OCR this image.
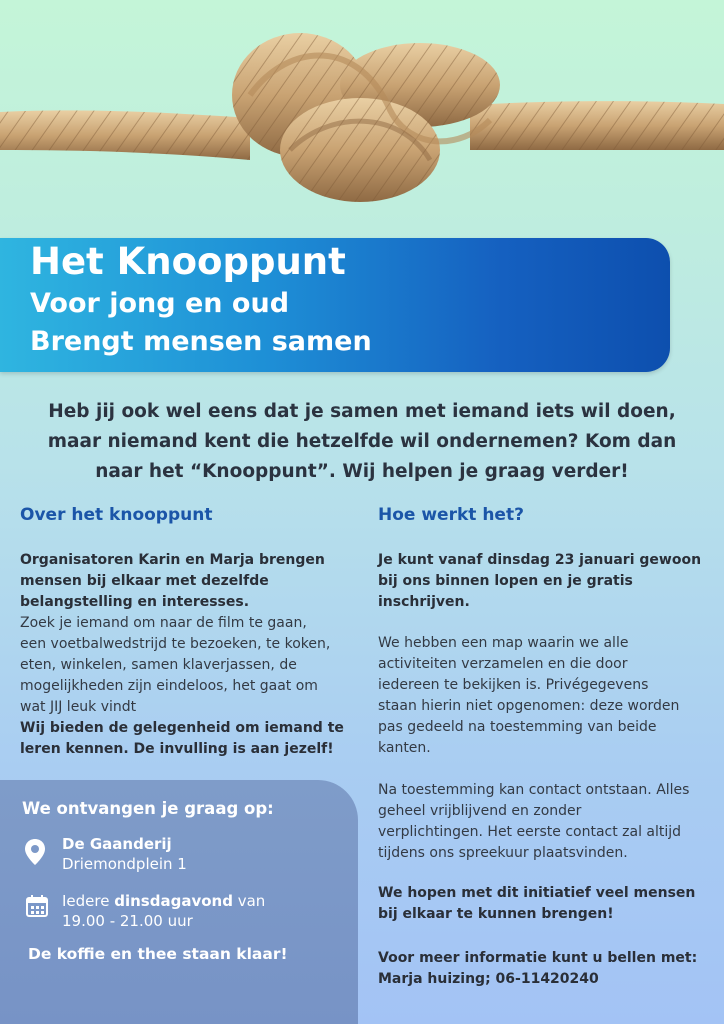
Het Knooppunt
Voor jong en oud
Brengt mensen samen
Heb jij ook wel eens dat je samen met iemand iets wil doen,
maar niemand kent die hetzelfde wil ondernemen? Kom dan
naar het “Knooppunt”. Wij helpen je graag verder!
Over het knooppunt
Organisatoren Karin en Marja brengen
mensen bij elkaar met dezelfde
belangstelling en interesses.
Zoek je iemand om naar de film te gaan,
een voetbalwedstrijd te bezoeken, te koken,
eten, winkelen, samen klaverjassen, de
mogelijkheden zijn eindeloos, het gaat om
wat JIJ leuk vindt
Wij bieden de gelegenheid om iemand te
leren kennen. De invulling is aan jezelf!
Hoe werkt het?
Je kunt vanaf dinsdag 23 januari gewoon
bij ons binnen lopen en je gratis
inschrijven.
We hebben een map waarin we alle
activiteiten verzamelen en die door
iedereen te bekijken is. Privégegevens
staan hierin niet opgenomen: deze worden
pas gedeeld na toestemming van beide
kanten.
Na toestemming kan contact ontstaan. Alles
geheel vrijblijvend en zonder
verplichtingen. Het eerste contact zal altijd
tijdens ons spreekuur plaatsvinden.
We hopen met dit initiatief veel mensen
bij elkaar te kunnen brengen!
Voor meer informatie kunt u bellen met:
Marja huizing; 06-11420240
We ontvangen je graag op:
De Gaanderij
Driemondplein 1
Iedere dinsdagavond van
19.00 - 21.00 uur
De koffie en thee staan klaar!
